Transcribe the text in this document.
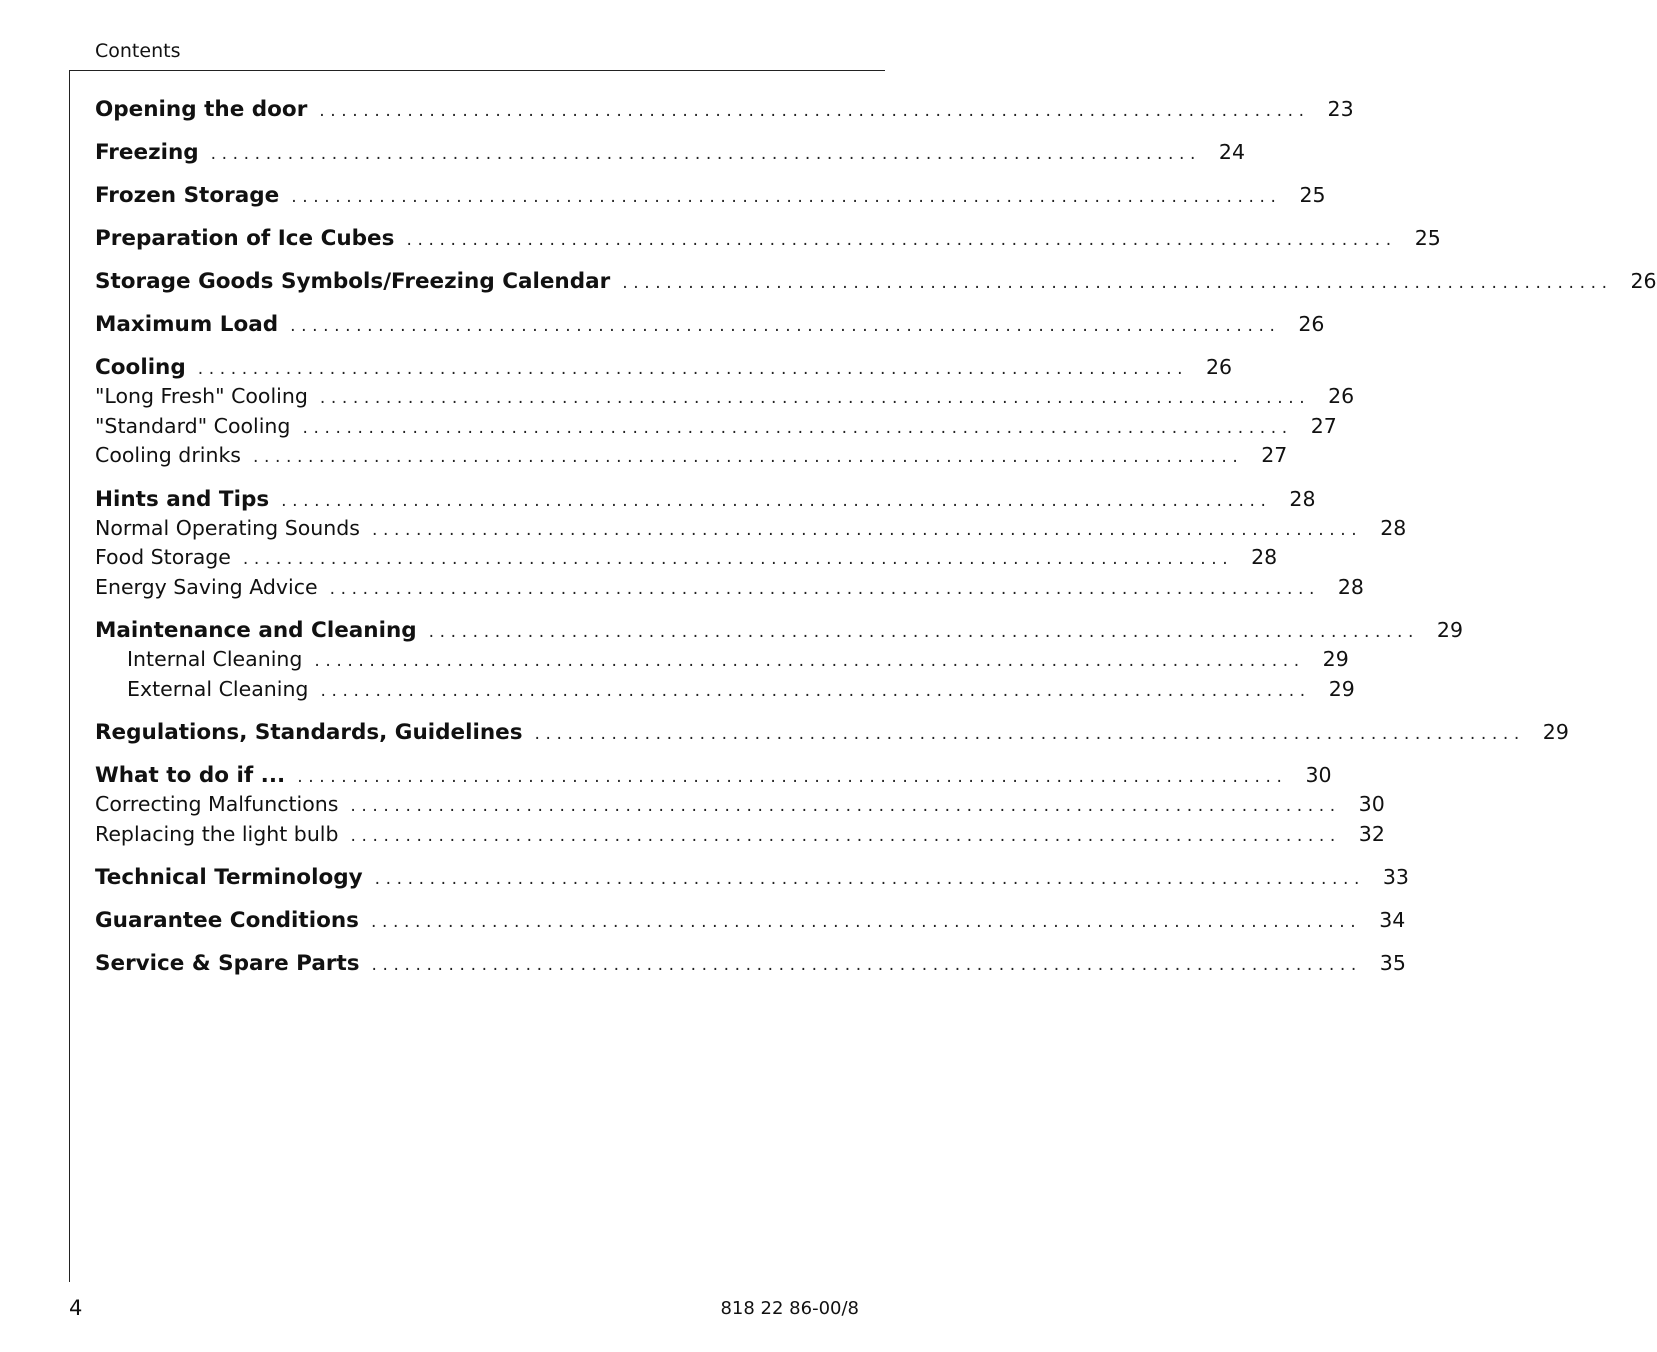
Contents
Opening the door .......................................................................................... 23
Freezing .......................................................................................... 24
Frozen Storage .......................................................................................... 25
Preparation of Ice Cubes .......................................................................................... 25
Storage Goods Symbols/Freezing Calendar .......................................................................................... 26
Maximum Load .......................................................................................... 26
Cooling .......................................................................................... 26
"Long Fresh" Cooling .......................................................................................... 26
"Standard" Cooling .......................................................................................... 27
Cooling drinks .......................................................................................... 27
Hints and Tips .......................................................................................... 28
Normal Operating Sounds .......................................................................................... 28
Food Storage .......................................................................................... 28
Energy Saving Advice .......................................................................................... 28
Maintenance and Cleaning .......................................................................................... 29
Internal Cleaning .......................................................................................... 29
External Cleaning .......................................................................................... 29
Regulations, Standards, Guidelines .......................................................................................... 29
What to do if ... .......................................................................................... 30
Correcting Malfunctions .......................................................................................... 30
Replacing the light bulb .......................................................................................... 32
Technical Terminology .......................................................................................... 33
Guarantee Conditions .......................................................................................... 34
Service & Spare Parts .......................................................................................... 35
4	818 22 86-00/8
